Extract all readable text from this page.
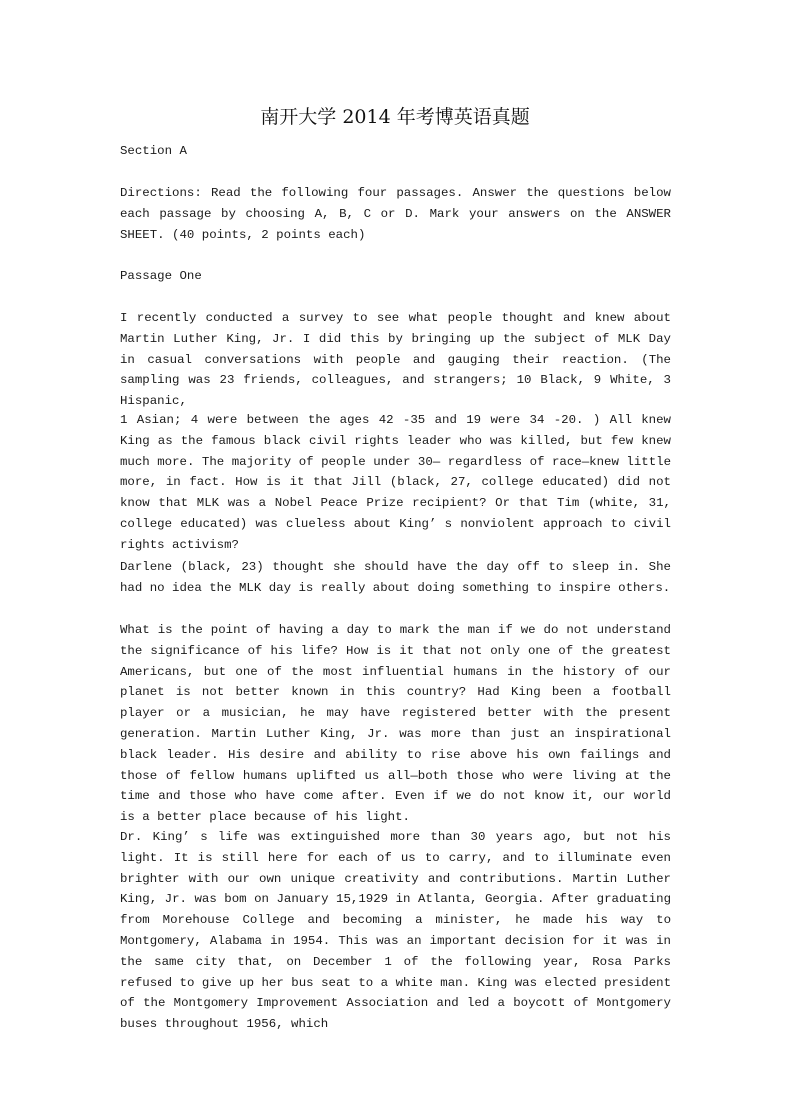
南开大学 2014 年考博英语真题

Section A

Directions: Read the following four passages. Answer the questions below each passage by choosing A, B, C or D. Mark your answers on the ANSWER SHEET. (40 points, 2 points each)

Passage One

I recently conducted a survey to see what people thought and knew about Martin Luther King, Jr. I did this by bringing up the subject of MLK Day in casual conversations with people and gauging their reaction. (The sampling was 23 friends, colleagues, and strangers; 10 Black, 9 White, 3 Hispanic,

1 Asian; 4 were between the ages 42 -35 and 19 were 34 -20. ) All knew King as the famous black civil rights leader who was killed, but few knew much more. The majority of people under 30— regardless of race—knew little more, in fact. How is it that Jill (black, 27, college educated) did not know that MLK was a Nobel Peace Prize recipient? Or that Tim (white, 31, college educated) was clueless about King’ s nonviolent approach to civil rights activism?

Darlene (black, 23) thought she should have the day off to sleep in. She had no idea the MLK day is really about doing something to inspire others.

What is the point of having a day to mark the man if we do not understand the significance of his life? How is it that not only one of the greatest Americans, but one of the most influential humans in the history of our planet is not better known in this country? Had King been a football player or a musician, he may have registered better with the present generation. Martin Luther King, Jr. was more than just an inspirational black leader. His desire and ability to rise above his own failings and those of fellow humans uplifted us all—both those who were living at the time and those who have come after. Even if we do not know it, our world is a better place because of his light.

Dr. King’ s life was extinguished more than 30 years ago, but not his light. It is still here for each of us to carry, and to illuminate even brighter with our own unique creativity and contributions. Martin Luther King, Jr. was bom on January 15,1929 in Atlanta, Georgia. After graduating from Morehouse College and becoming a minister, he made his way to Montgomery, Alabama in 1954. This was an important decision for it was in the same city that, on December 1 of the following year, Rosa Parks refused to give up her bus seat to a white man. King was elected president of the Montgomery Improvement Association and led a boycott of Montgomery buses throughout 1956, which
